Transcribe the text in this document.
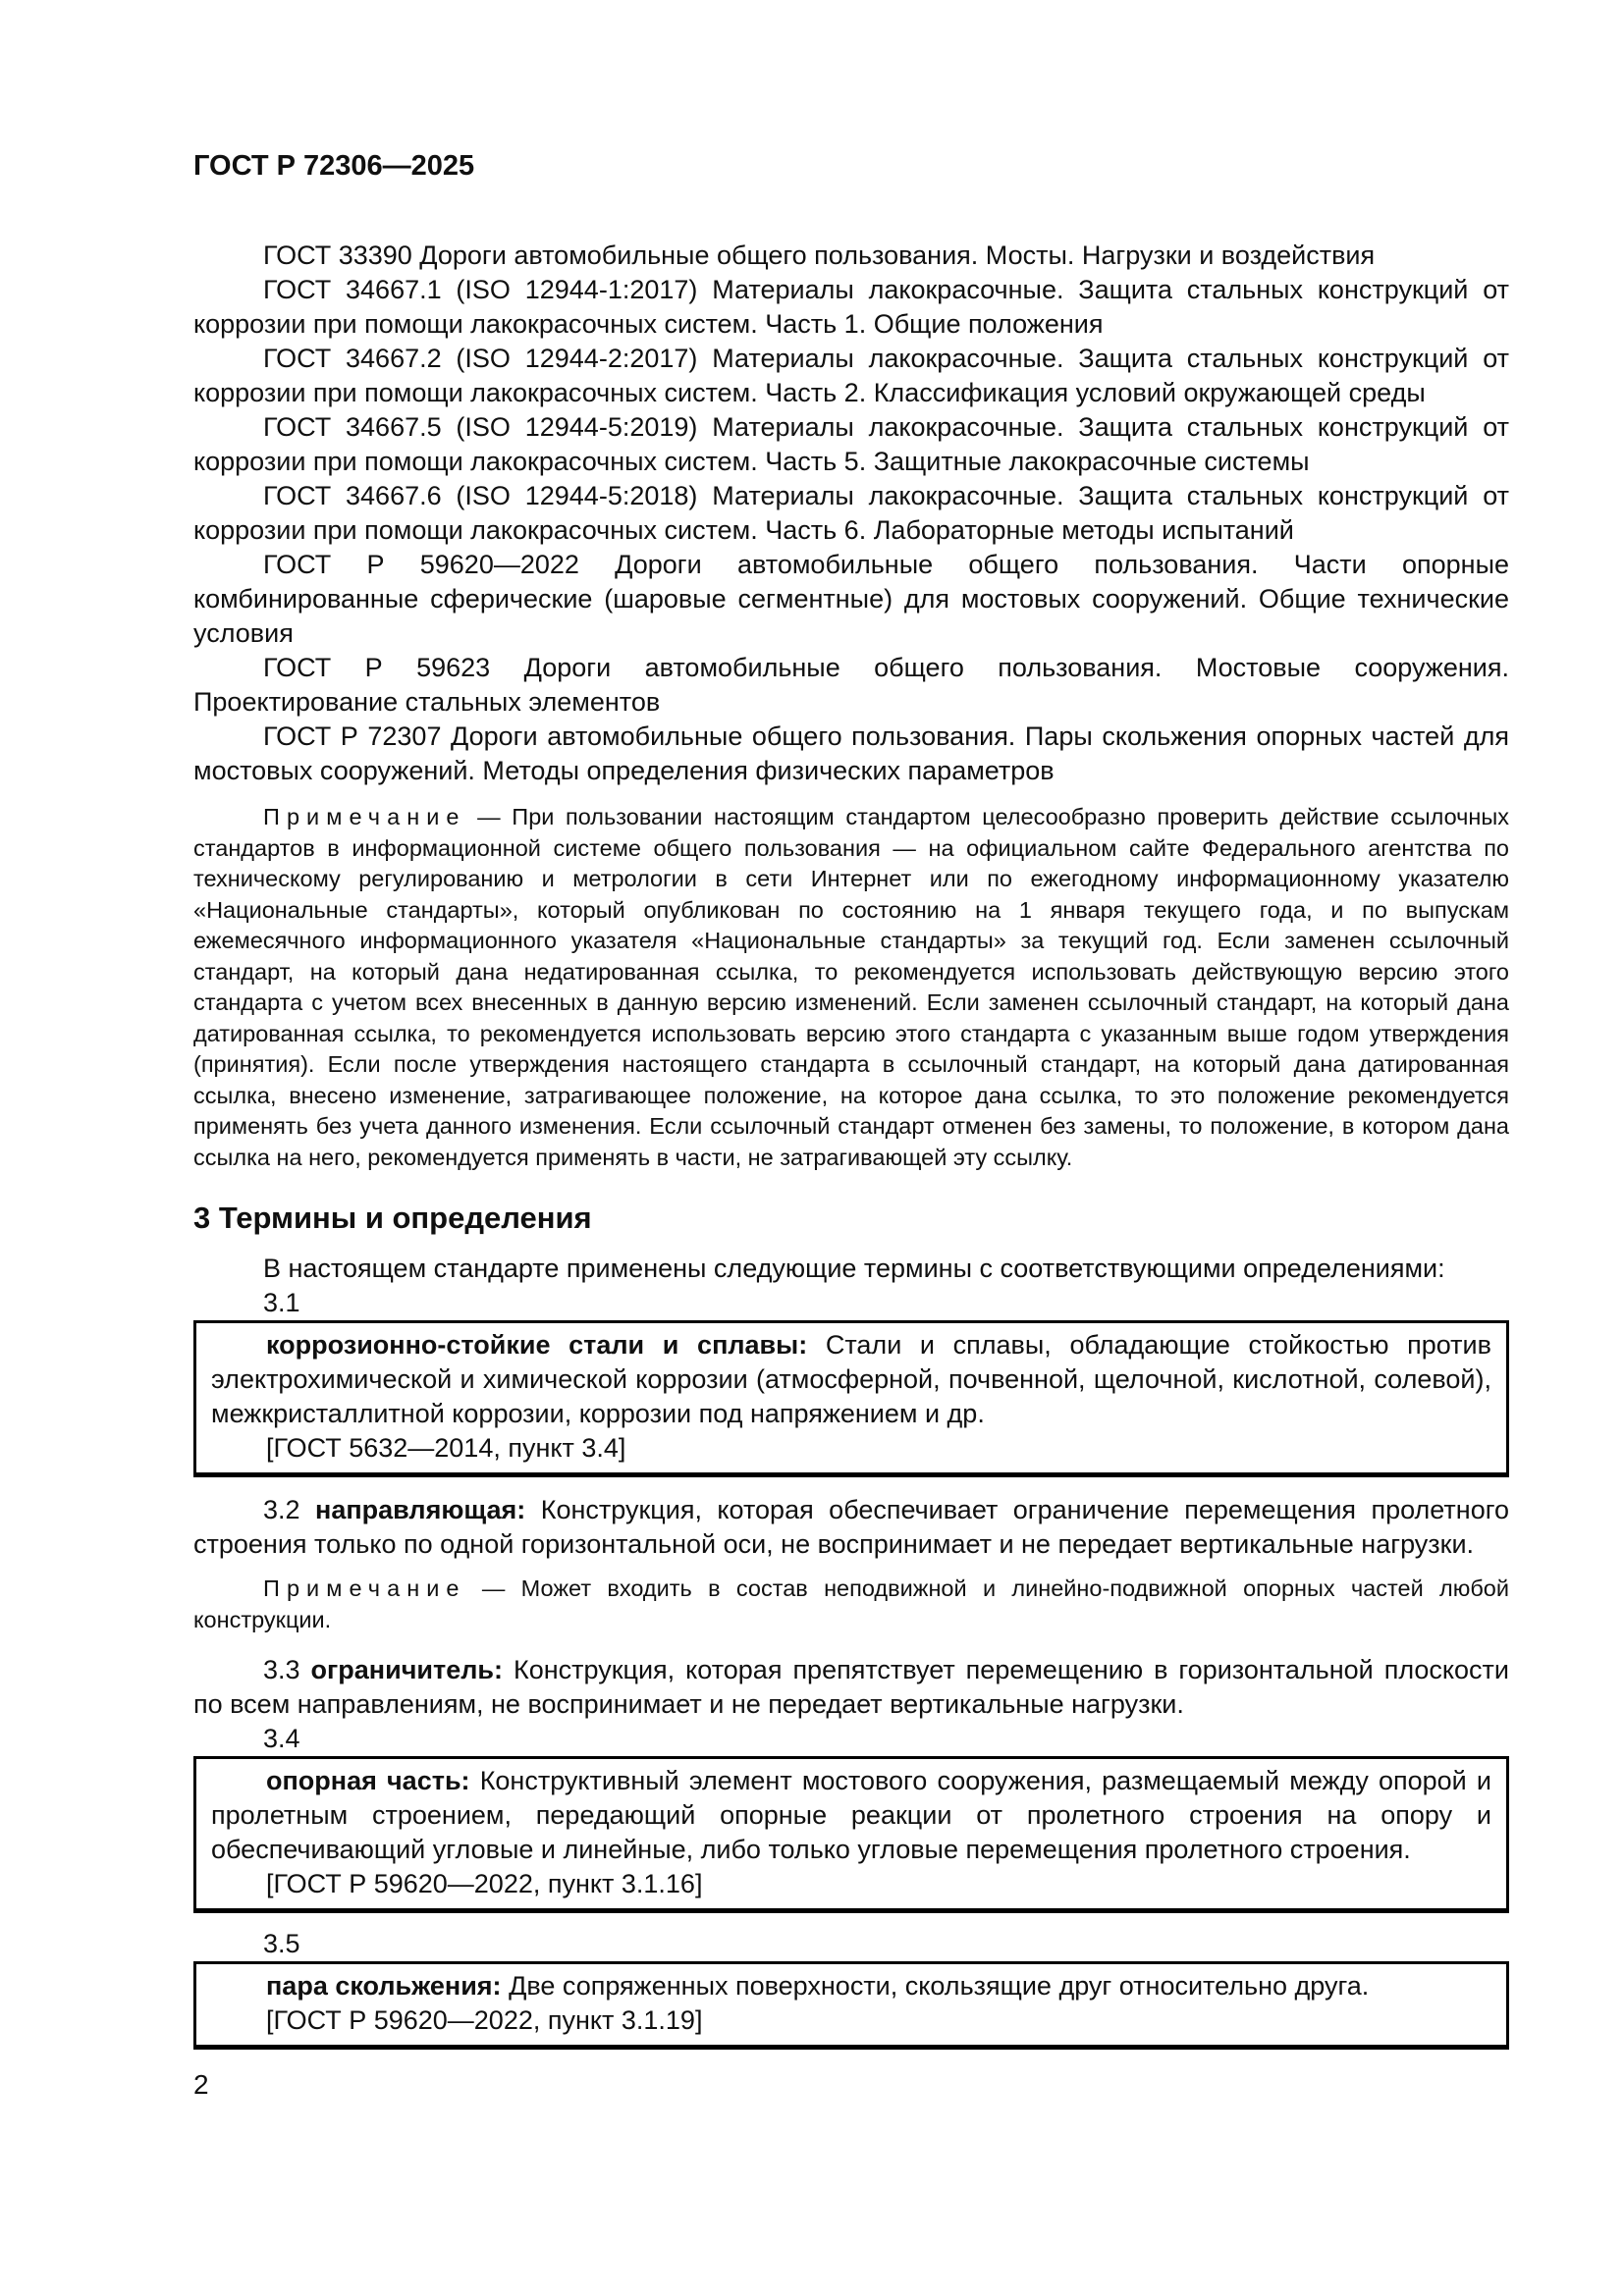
ГОСТ Р 72306—2025

ГОСТ 33390 Дороги автомобильные общего пользования. Мосты. Нагрузки и воздействия

ГОСТ 34667.1 (ISO 12944-1:2017) Материалы лакокрасочные. Защита стальных конструкций от коррозии при помощи лакокрасочных систем. Часть 1. Общие положения

ГОСТ 34667.2 (ISO 12944-2:2017) Материалы лакокрасочные. Защита стальных конструкций от коррозии при помощи лакокрасочных систем. Часть 2. Классификация условий окружающей среды

ГОСТ 34667.5 (ISO 12944-5:2019) Материалы лакокрасочные. Защита стальных конструкций от коррозии при помощи лакокрасочных систем. Часть 5. Защитные лакокрасочные системы

ГОСТ 34667.6 (ISO 12944-5:2018) Материалы лакокрасочные. Защита стальных конструкций от коррозии при помощи лакокрасочных систем. Часть 6. Лабораторные методы испытаний

ГОСТ Р 59620—2022 Дороги автомобильные общего пользования. Части опорные комбинированные сферические (шаровые сегментные) для мостовых сооружений. Общие технические условия

ГОСТ Р 59623 Дороги автомобильные общего пользования. Мостовые сооружения. Проектирование стальных элементов

ГОСТ Р 72307 Дороги автомобильные общего пользования. Пары скольжения опорных частей для мостовых сооружений. Методы определения физических параметров

Примечание — При пользовании настоящим стандартом целесообразно проверить действие ссылочных стандартов в информационной системе общего пользования — на официальном сайте Федерального агентства по техническому регулированию и метрологии в сети Интернет или по ежегодному информационному указателю «Национальные стандарты», который опубликован по состоянию на 1 января текущего года, и по выпускам ежемесячного информационного указателя «Национальные стандарты» за текущий год. Если заменен ссылочный стандарт, на который дана недатированная ссылка, то рекомендуется использовать действующую версию этого стандарта с учетом всех внесенных в данную версию изменений. Если заменен ссылочный стандарт, на который дана датированная ссылка, то рекомендуется использовать версию этого стандарта с указанным выше годом утверждения (принятия). Если после утверждения настоящего стандарта в ссылочный стандарт, на который дана датированная ссылка, внесено изменение, затрагивающее положение, на которое дана ссылка, то это положение рекомендуется применять без учета данного изменения. Если ссылочный стандарт отменен без замены, то положение, в котором дана ссылка на него, рекомендуется применять в части, не затрагивающей эту ссылку.

3 Термины и определения

В настоящем стандарте применены следующие термины с соответствующими определениями:

3.1

коррозионно-стойкие стали и сплавы: Стали и сплавы, обладающие стойкостью против электрохимической и химической коррозии (атмосферной, почвенной, щелочной, кислотной, солевой), межкристаллитной коррозии, коррозии под напряжением и др.

[ГОСТ 5632—2014, пункт 3.4]

3.2 направляющая: Конструкция, которая обеспечивает ограничение перемещения пролетного строения только по одной горизонтальной оси, не воспринимает и не передает вертикальные нагрузки.

Примечание — Может входить в состав неподвижной и линейно-подвижной опорных частей любой конструкции.

3.3 ограничитель: Конструкция, которая препятствует перемещению в горизонтальной плоскости по всем направлениям, не воспринимает и не передает вертикальные нагрузки.

3.4

опорная часть: Конструктивный элемент мостового сооружения, размещаемый между опорой и пролетным строением, передающий опорные реакции от пролетного строения на опору и обеспечивающий угловые и линейные, либо только угловые перемещения пролетного строения.

[ГОСТ Р 59620—2022, пункт 3.1.16]

3.5

пара скольжения: Две сопряженных поверхности, скользящие друг относительно друга.

[ГОСТ Р 59620—2022, пункт 3.1.19]

2
